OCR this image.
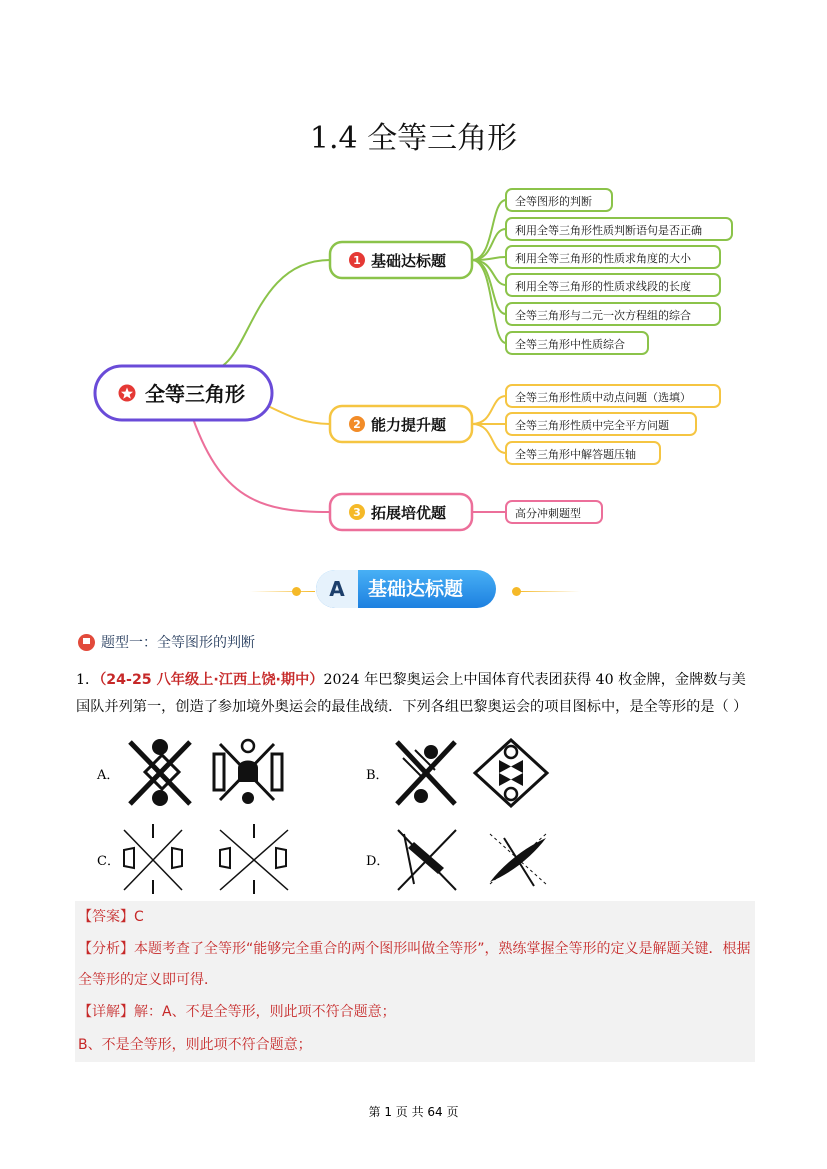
1.4 全等三角形
全等三角形
1 基础达标题
全等图形的判断
利用全等三角形性质判断语句是否正确
利用全等三角形的性质求角度的大小
利用全等三角形的性质求线段的长度
全等三角形与二元一次方程组的综合
全等三角形中性质综合
2 能力提升题
全等三角形性质中动点问题（选填）
全等三角形性质中完全平方问题
全等三角形中解答题压轴
3 拓展培优题	高分冲刺题型
A	基础达标题
题型一：全等图形的判断
1．（24-25 八年级上·江西上饶·期中）2024 年巴黎奥运会上中国体育代表团获得 40 枚金牌，金牌数与美国队并列第一，创造了参加境外奥运会的最佳战绩．下列各组巴黎奥运会的项目图标中，是全等形的是（ ）
A．	B．
C．	D．

【答案】C

【分析】本题考查了全等形“能够完全重合的两个图形叫做全等形”，熟练掌握全等形的定义是解题关键．根据全等形的定义即可得．

【详解】解：A、不是全等形，则此项不符合题意；

B、不是全等形，则此项不符合题意；

第 1 页 共 64 页
